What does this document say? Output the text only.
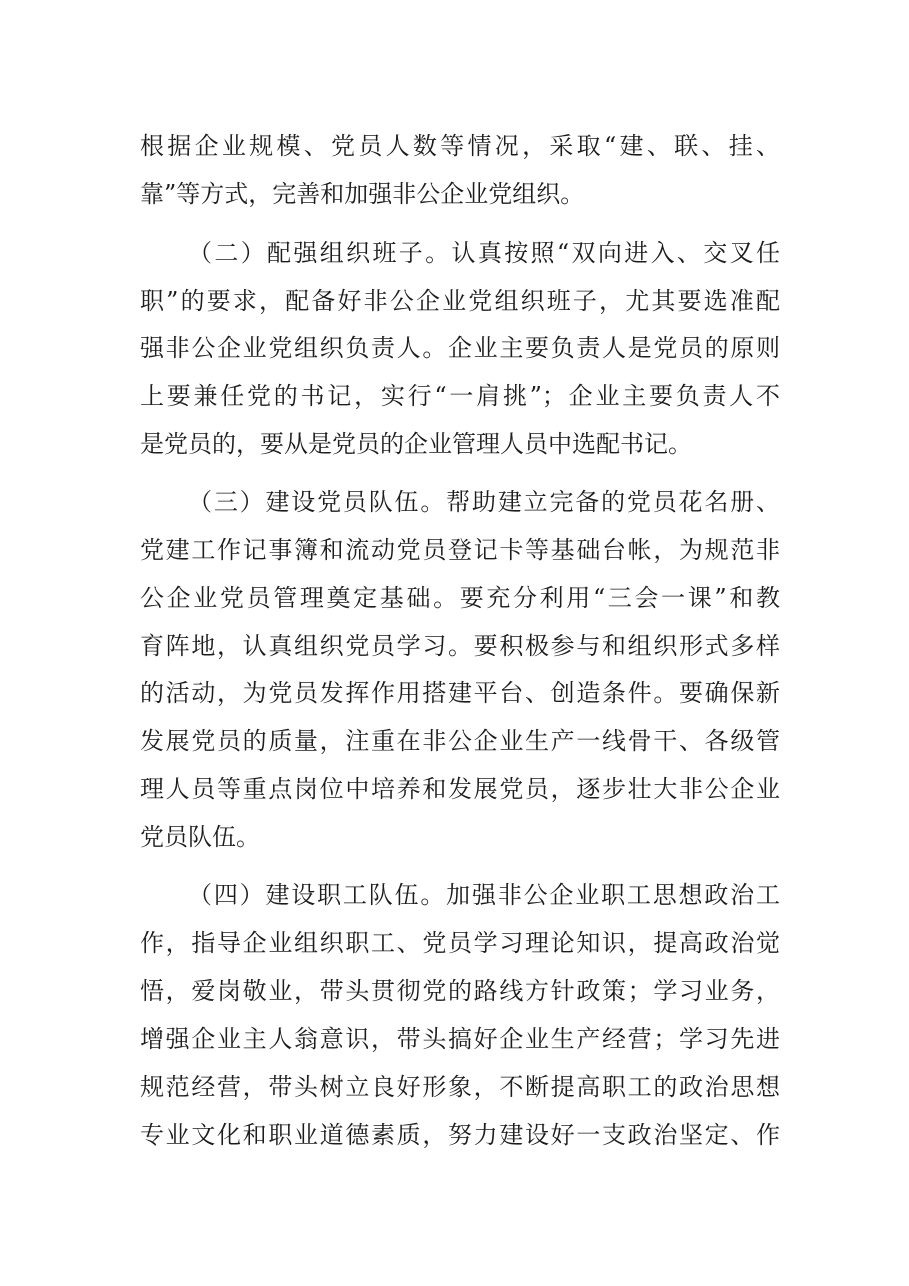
根据企业规模、党员人数等情况，采取“建、联、挂、
靠”等方式，完善和加强非公企业党组织。
（二）配强组织班子。认真按照“双向进入、交叉任
职”的要求，配备好非公企业党组织班子，尤其要选准配
强非公企业党组织负责人。企业主要负责人是党员的原则
上要兼任党的书记，实行“一肩挑”；企业主要负责人不
是党员的，要从是党员的企业管理人员中选配书记。
（三）建设党员队伍。帮助建立完备的党员花名册、
党建工作记事簿和流动党员登记卡等基础台帐，为规范非
公企业党员管理奠定基础。要充分利用“三会一课”和教
育阵地，认真组织党员学习。要积极参与和组织形式多样
的活动，为党员发挥作用搭建平台、创造条件。要确保新
发展党员的质量，注重在非公企业生产一线骨干、各级管
理人员等重点岗位中培养和发展党员，逐步壮大非公企业
党员队伍。
（四）建设职工队伍。加强非公企业职工思想政治工
作，指导企业组织职工、党员学习理论知识，提高政治觉
悟，爱岗敬业，带头贯彻党的路线方针政策；学习业务，
增强企业主人翁意识，带头搞好企业生产经营；学习先进
规范经营，带头树立良好形象，不断提高职工的政治思想
专业文化和职业道德素质，努力建设好一支政治坚定、作
